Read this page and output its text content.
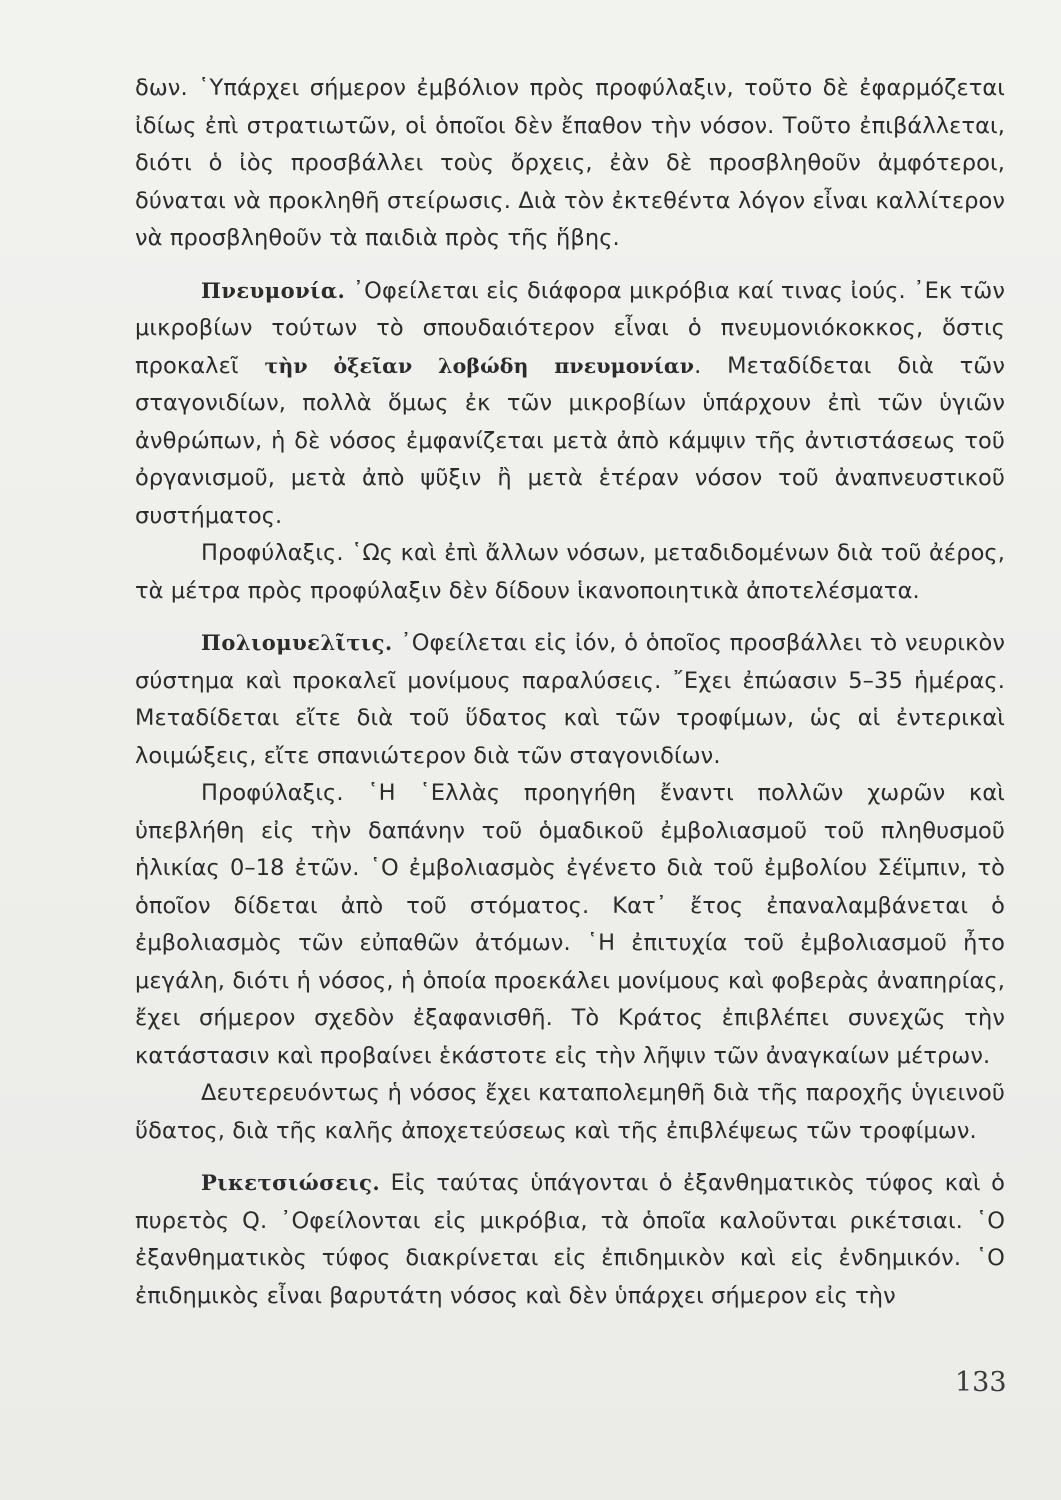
δων. ῾Υπάρχει σήμερον ἐμβόλιον πρὸς προφύλαξιν, τοῦτο δὲ ἐφαρμόζεται ἰδίως ἐπὶ στρατιωτῶν, οἱ ὁποῖοι δὲν ἔπαθον τὴν νόσον. Τοῦτο ἐπιβάλλεται, διότι ὁ ἰὸς προσβάλλει τοὺς ὄρχεις, ἐὰν δὲ προσβληθοῦν ἀμφότεροι, δύναται νὰ προκληθῆ στείρωσις. Διὰ τὸν ἐκτεθέντα λόγον εἶναι καλλίτερον νὰ προσβληθοῦν τὰ παιδιὰ πρὸς τῆς ἥβης.

Πνευμονία. ᾿Οφείλεται εἰς διάφορα μικρόβια καί τινας ἰούς. ᾿Εκ τῶν μικροβίων τούτων τὸ σπουδαιότερον εἶναι ὁ πνευμονιόκοκκος, ὅστις προκαλεῖ τὴν ὀξεῖαν λοβώδη πνευμονίαν. Μεταδίδεται διὰ τῶν σταγονιδίων, πολλὰ ὅμως ἐκ τῶν μικροβίων ὑπάρχουν ἐπὶ τῶν ὑγιῶν ἀνθρώπων, ἡ δὲ νόσος ἐμφανίζεται μετὰ ἀπὸ κάμψιν τῆς ἀντιστάσεως τοῦ ὀργανισμοῦ, μετὰ ἀπὸ ψῦξιν ἢ μετὰ ἑτέραν νόσον τοῦ ἀναπνευστικοῦ συστήματος.

Προφύλαξις. ῾Ως καὶ ἐπὶ ἄλλων νόσων, μεταδιδομένων διὰ τοῦ ἀέρος, τὰ μέτρα πρὸς προφύλαξιν δὲν δίδουν ἱκανοποιητικὰ ἀποτελέσματα.

Πολιομυελῖτις. ᾿Οφείλεται εἰς ἰόν, ὁ ὁποῖος προσβάλλει τὸ νευρικὸν σύστημα καὶ προκαλεῖ μονίμους παραλύσεις. ῎Εχει ἐπώασιν 5–35 ἡμέρας. Μεταδίδεται εἴτε διὰ τοῦ ὕδατος καὶ τῶν τροφίμων, ὡς αἱ ἐντερικαὶ λοιμώξεις, εἴτε σπανιώτερον διὰ τῶν σταγονιδίων.

Προφύλαξις. ῾Η ῾Ελλὰς προηγήθη ἔναντι πολλῶν χωρῶν καὶ ὑπεβλήθη εἰς τὴν δαπάνην τοῦ ὁμαδικοῦ ἐμβολιασμοῦ τοῦ πληθυσμοῦ ἡλικίας 0–18 ἐτῶν. ῾Ο ἐμβολιασμὸς ἐγένετο διὰ τοῦ ἐμβολίου Σέϊμπιν, τὸ ὁποῖον δίδεται ἀπὸ τοῦ στόματος. Κατ᾿ ἔτος ἐπαναλαμβάνεται ὁ ἐμβολιασμὸς τῶν εὐπαθῶν ἀτόμων. ῾Η ἐπιτυχία τοῦ ἐμβολιασμοῦ ἦτο μεγάλη, διότι ἡ νόσος, ἡ ὁποία προεκάλει μονίμους καὶ φοβερὰς ἀναπηρίας, ἔχει σήμερον σχεδὸν ἐξαφανισθῆ. Τὸ Κράτος ἐπιβλέπει συνεχῶς τὴν κατάστασιν καὶ προβαίνει ἑκάστοτε εἰς τὴν λῆψιν τῶν ἀναγκαίων μέτρων.

Δευτερευόντως ἡ νόσος ἔχει καταπολεμηθῆ διὰ τῆς παροχῆς ὑγιεινοῦ ὕδατος, διὰ τῆς καλῆς ἀποχετεύσεως καὶ τῆς ἐπιβλέψεως τῶν τροφίμων.

Ρικετσιώσεις. Εἰς ταύτας ὑπάγονται ὁ ἐξανθηματικὸς τύφος καὶ ὁ πυρετὸς Q. ᾿Οφείλονται εἰς μικρόβια, τὰ ὁποῖα καλοῦνται ρικέτσιαι. ῾Ο ἐξανθηματικὸς τύφος διακρίνεται εἰς ἐπιδημικὸν καὶ εἰς ἐνδημικόν. ῾Ο ἐπιδημικὸς εἶναι βαρυτάτη νόσος καὶ δὲν ὑπάρχει σήμερον εἰς τὴν

133
